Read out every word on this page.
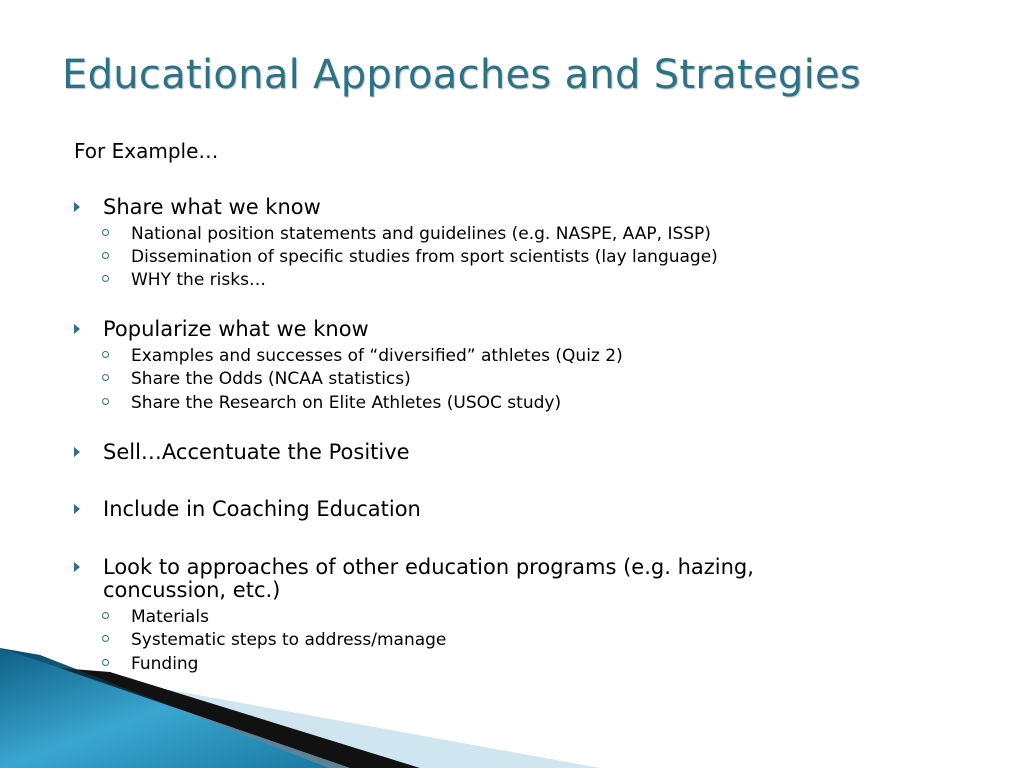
Educational Approaches and Strategies
For Example…
Share what we know
National position statements and guidelines (e.g. NASPE, AAP, ISSP)
Dissemination of specific studies from sport scientists (lay language)
WHY the risks…
Popularize what we know
Examples and successes of “diversified” athletes (Quiz 2)
Share the Odds (NCAA statistics)
Share the Research on Elite Athletes (USOC study)
Sell…Accentuate the Positive
Include in Coaching Education
Look to approaches of other education programs (e.g. hazing, concussion, etc.)
Materials
Systematic steps to address/manage
Funding
